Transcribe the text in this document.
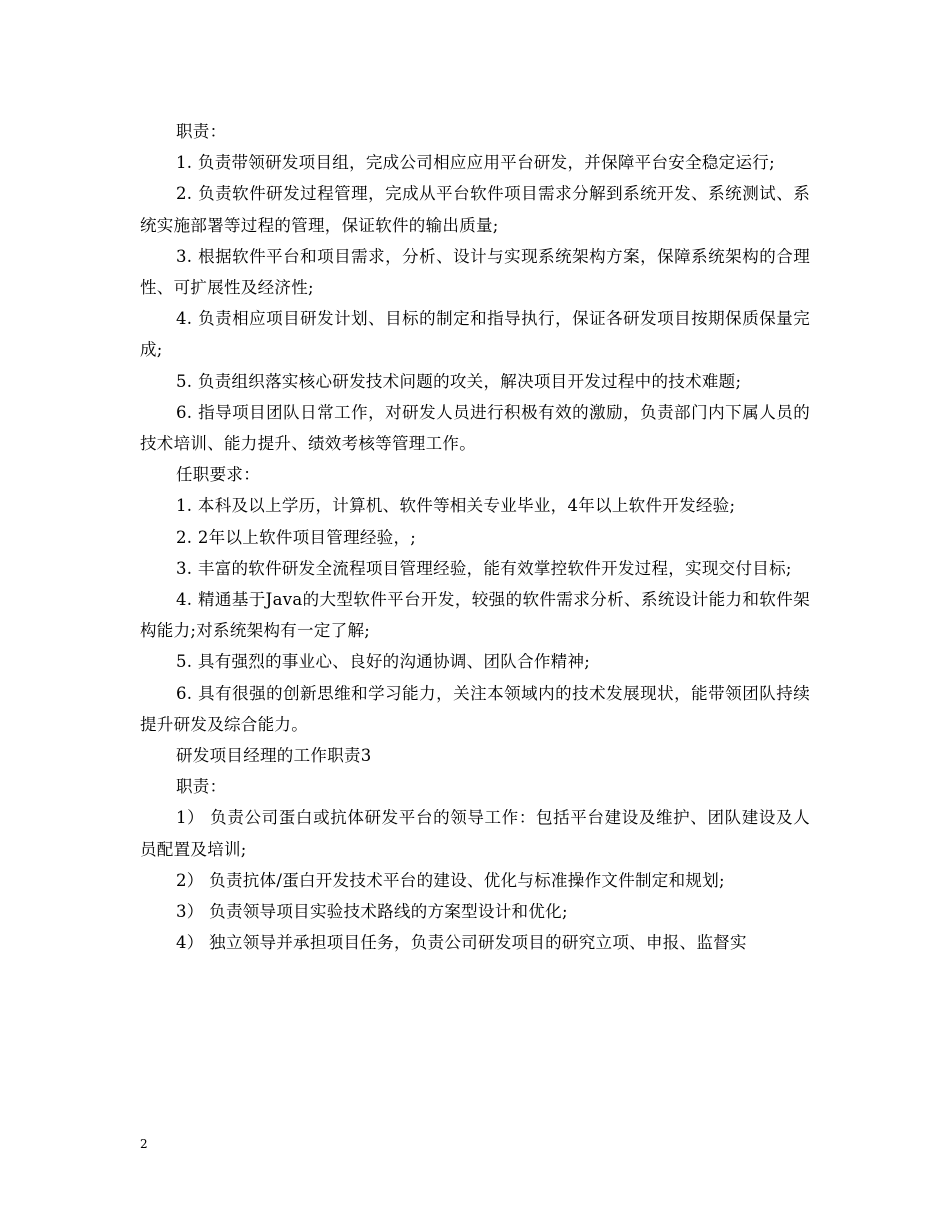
职责：

1. 负责带领研发项目组，完成公司相应应用平台研发，并保障平台安全稳定运行;

2. 负责软件研发过程管理，完成从平台软件项目需求分解到系统开发、系统测试、系统实施部署等过程的管理，保证软件的输出质量;

3. 根据软件平台和项目需求，分析、设计与实现系统架构方案，保障系统架构的合理性、可扩展性及经济性;

4. 负责相应项目研发计划、目标的制定和指导执行，保证各研发项目按期保质保量完成;

5. 负责组织落实核心研发技术问题的攻关，解决项目开发过程中的技术难题;

6. 指导项目团队日常工作，对研发人员进行积极有效的激励，负责部门内下属人员的技术培训、能力提升、绩效考核等管理工作。

任职要求：

1. 本科及以上学历，计算机、软件等相关专业毕业，4年以上软件开发经验;

2. 2年以上软件项目管理经验，;

3. 丰富的软件研发全流程项目管理经验，能有效掌控软件开发过程，实现交付目标;

4. 精通基于Java的大型软件平台开发，较强的软件需求分析、系统设计能力和软件架构能力;对系统架构有一定了解;

5. 具有强烈的事业心、良好的沟通协调、团队合作精神;

6. 具有很强的创新思维和学习能力，关注本领域内的技术发展现状，能带领团队持续提升研发及综合能力。

研发项目经理的工作职责3

职责：

1） 负责公司蛋白或抗体研发平台的领导工作：包括平台建设及维护、团队建设及人员配置及培训;

2） 负责抗体/蛋白开发技术平台的建设、优化与标准操作文件制定和规划;

3） 负责领导项目实验技术路线的方案型设计和优化;

4） 独立领导并承担项目任务，负责公司研发项目的研究立项、申报、监督实

2
